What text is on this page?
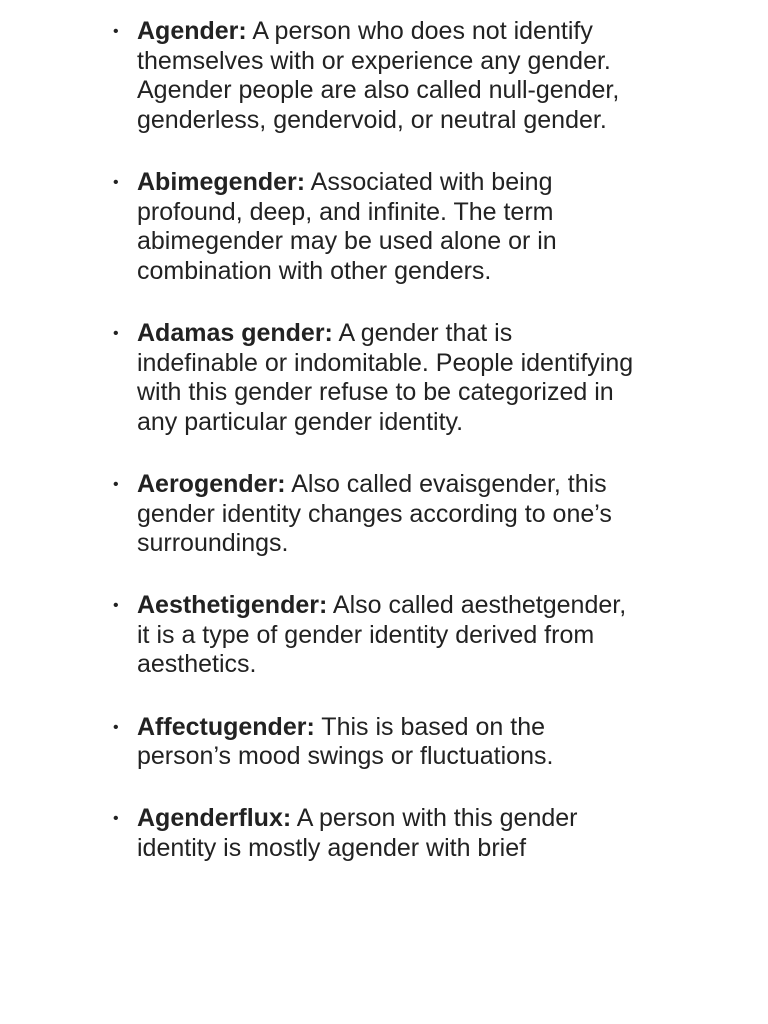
• Agender: A person who does not identify themselves with or experience any gender. Agender people are also called null-gender, genderless, gendervoid, or neutral gender.
• Abimegender: Associated with being profound, deep, and infinite. The term abimegender may be used alone or in combination with other genders.
• Adamas gender: A gender that is indefinable or indomitable. People identifying with this gender refuse to be categorized in any particular gender identity.
• Aerogender: Also called evaisgender, this gender identity changes according to one’s surroundings.
• Aesthetigender: Also called aesthetgender, it is a type of gender identity derived from aesthetics.
• Affectugender: This is based on the person’s mood swings or fluctuations.
• Agenderflux: A person with this gender identity is mostly agender with brief
